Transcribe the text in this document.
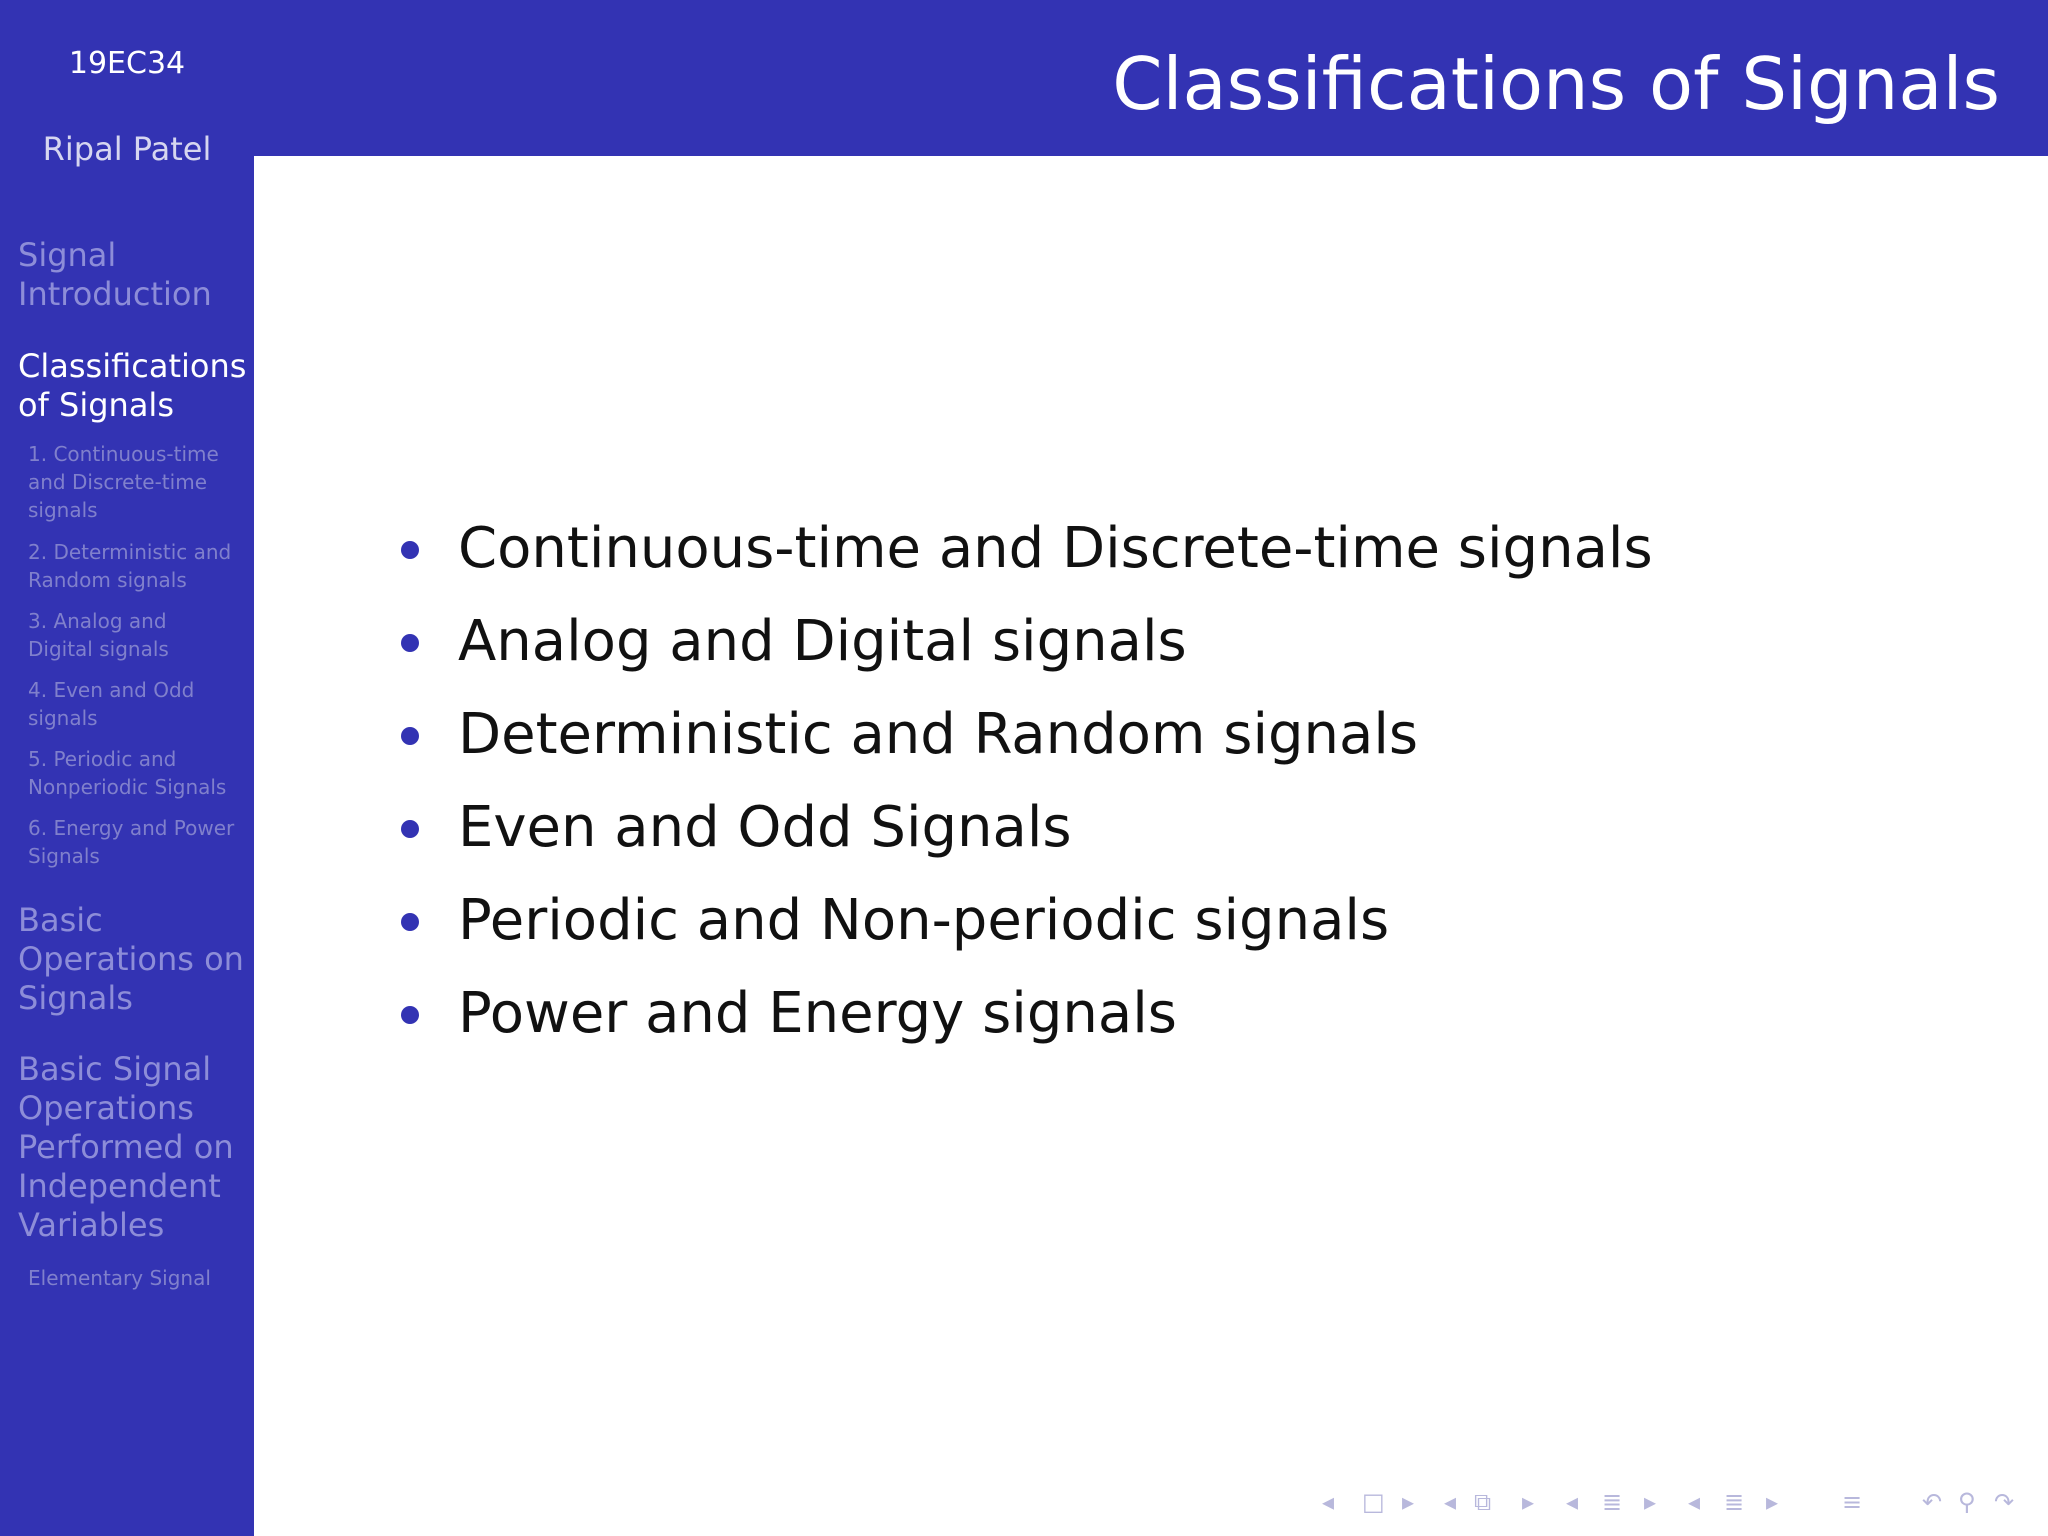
19EC34
Ripal Patel
Signal
Introduction
Classifications
of Signals
1. Continuous-time
and Discrete-time
signals
2. Deterministic and
Random signals
3. Analog and
Digital signals
4. Even and Odd
signals
5. Periodic and
Nonperiodic Signals
6. Energy and Power
Signals
Basic
Operations on
Signals
Basic Signal
Operations
Performed on
Independent
Variables
Elementary Signal
Classifications of Signals
Continuous-time and Discrete-time signals
Analog and Digital signals
Deterministic and Random signals
Even and Odd Signals
Periodic and Non-periodic signals
Power and Energy signals
◂ □ ▸ ◂ ⧉ ▸ ◂ ≣ ▸ ◂ ≣ ▸	≡ ↶ ⚲ ↷
